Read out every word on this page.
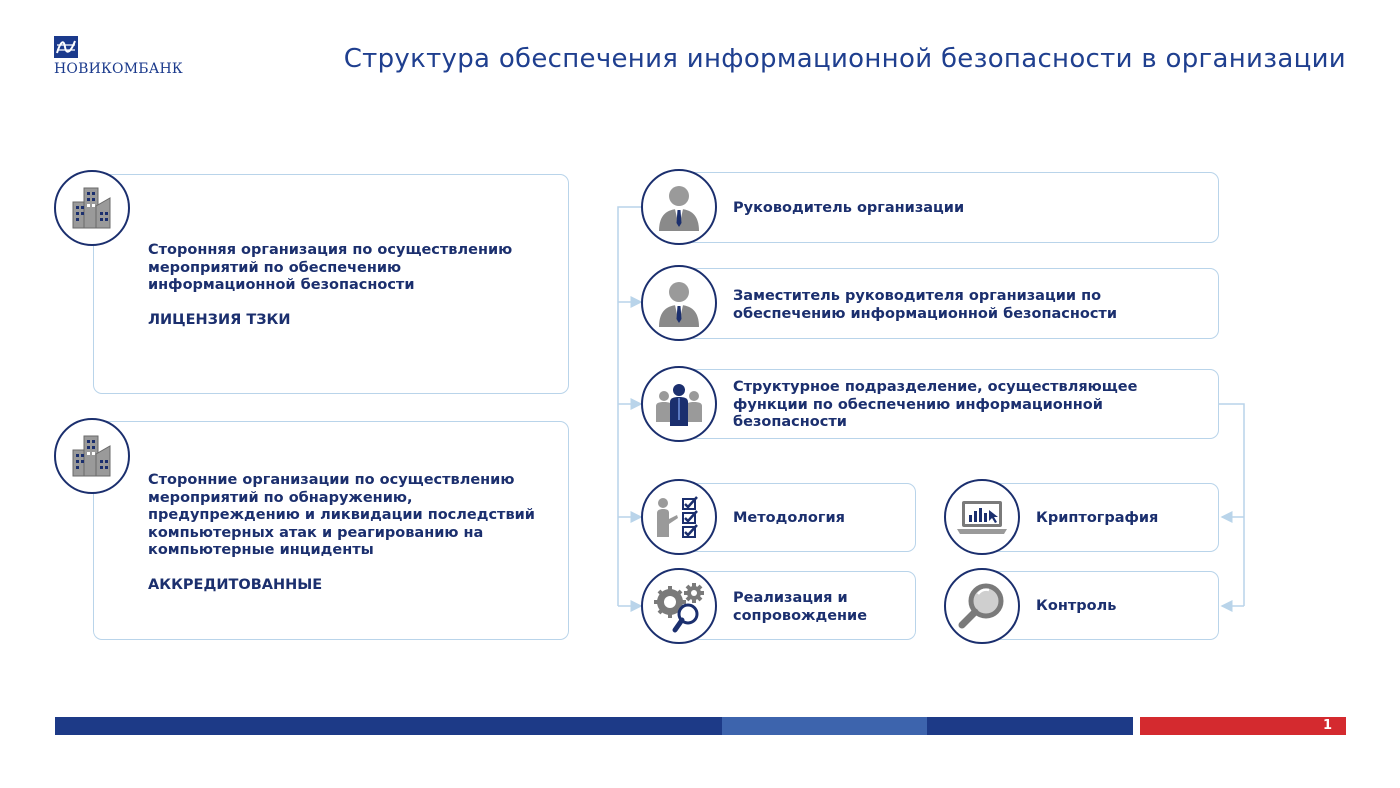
НОВИКОМБАНК	Структура обеспечения информационной безопасности в организации
Сторонняя организация по осуществлению мероприятий по обеспечению информационной безопасности
ЛИЦЕНЗИЯ ТЗКИ
Сторонние организации по осуществлению мероприятий по обнаружению, предупреждению и ликвидации последствий компьютерных атак и реагированию на компьютерные инциденты
АККРЕДИТОВАННЫЕ
Руководитель организации
Заместитель руководителя организации по обеспечению информационной безопасности
Структурное подразделение, осуществляющее функции по обеспечению информационной безопасности
Методология
Реализация и сопровождение
Криптография
Контроль
1
